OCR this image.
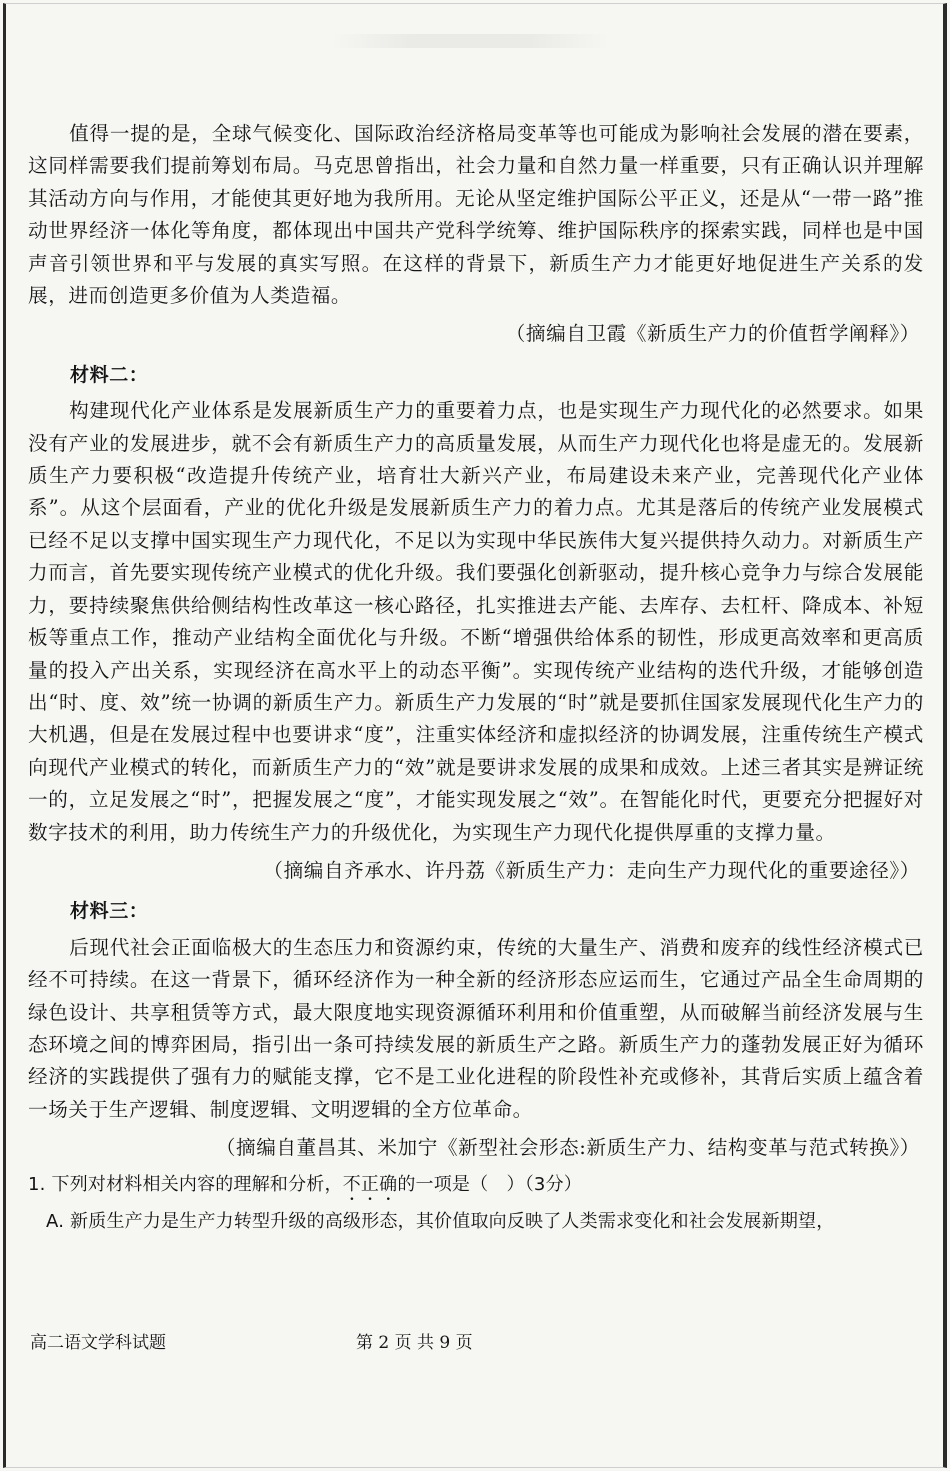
值得一提的是，全球气候变化、国际政治经济格局变革等也可能成为影响社会发展的潜在要素，这同样需要我们提前筹划布局。马克思曾指出，社会力量和自然力量一样重要，只有正确认识并理解其活动方向与作用，才能使其更好地为我所用。无论从坚定维护国际公平正义，还是从“一带一路”推动世界经济一体化等角度，都体现出中国共产党科学统筹、维护国际秩序的探索实践，同样也是中国声音引领世界和平与发展的真实写照。在这样的背景下，新质生产力才能更好地促进生产关系的发展，进而创造更多价值为人类造福。

（摘编自卫霞《新质生产力的价值哲学阐释》）

材料二：

构建现代化产业体系是发展新质生产力的重要着力点，也是实现生产力现代化的必然要求。如果没有产业的发展进步，就不会有新质生产力的高质量发展，从而生产力现代化也将是虚无的。发展新质生产力要积极“改造提升传统产业，培育壮大新兴产业，布局建设未来产业，完善现代化产业体系”。从这个层面看，产业的优化升级是发展新质生产力的着力点。尤其是落后的传统产业发展模式已经不足以支撑中国实现生产力现代化，不足以为实现中华民族伟大复兴提供持久动力。对新质生产力而言，首先要实现传统产业模式的优化升级。我们要强化创新驱动，提升核心竞争力与综合发展能力，要持续聚焦供给侧结构性改革这一核心路径，扎实推进去产能、去库存、去杠杆、降成本、补短板等重点工作，推动产业结构全面优化与升级。不断“增强供给体系的韧性，形成更高效率和更高质量的投入产出关系，实现经济在高水平上的动态平衡”。实现传统产业结构的迭代升级，才能够创造出“时、度、效”统一协调的新质生产力。新质生产力发展的“时”就是要抓住国家发展现代化生产力的大机遇，但是在发展过程中也要讲求“度”，注重实体经济和虚拟经济的协调发展，注重传统生产模式向现代产业模式的转化，而新质生产力的“效”就是要讲求发展的成果和成效。上述三者其实是辨证统一的，立足发展之“时”，把握发展之“度”，才能实现发展之“效”。在智能化时代，更要充分把握好对数字技术的利用，助力传统生产力的升级优化，为实现生产力现代化提供厚重的支撑力量。

（摘编自齐承水、许丹荔《新质生产力：走向生产力现代化的重要途径》）

材料三：

后现代社会正面临极大的生态压力和资源约束，传统的大量生产、消费和废弃的线性经济模式已经不可持续。在这一背景下，循环经济作为一种全新的经济形态应运而生，它通过产品全生命周期的绿色设计、共享租赁等方式，最大限度地实现资源循环利用和价值重塑，从而破解当前经济发展与生态环境之间的博弈困局，指引出一条可持续发展的新质生产之路。新质生产力的蓬勃发展正好为循环经济的实践提供了强有力的赋能支撑，它不是工业化进程的阶段性补充或修补，其背后实质上蕴含着一场关于生产逻辑、制度逻辑、文明逻辑的全方位革命。

（摘编自董昌其、米加宁《新型社会形态:新质生产力、结构变革与范式转换》）

1. 下列对材料相关内容的理解和分析，不正确的一项是（　）（3分）

A. 新质生产力是生产力转型升级的高级形态，其价值取向反映了人类需求变化和社会发展新期望，

高二语文学科试题	第 2 页 共 9 页
